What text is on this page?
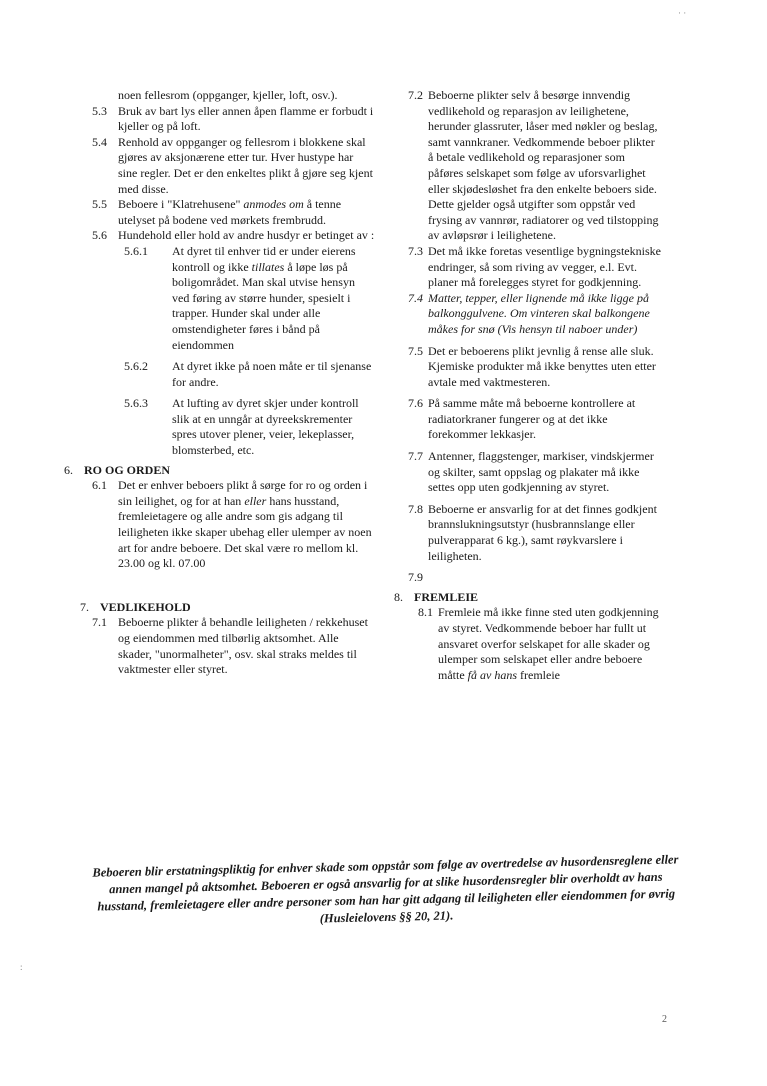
noen fellesrom (oppganger, kjeller, loft, osv.).

5.3 Bruk av bart lys eller annen åpen flamme er forbudt i kjeller og på loft.

5.4 Renhold av oppganger og fellesrom i blokkene skal gjøres av aksjonærene etter tur. Hver hustype har sine regler. Det er den enkeltes plikt å gjøre seg kjent med disse.

5.5 Beboere i "Klatrehusene" anmodes om å tenne utelyset på bodene ved mørkets frembrudd.

5.6 Hundehold eller hold av andre husdyr er betinget av :

5.6.1 At dyret til enhver tid er under eierens kontroll og ikke tillates å løpe løs på boligområdet. Man skal utvise hensyn ved føring av større hunder, spesielt i trapper. Hunder skal under alle omstendigheter føres i bånd på eiendommen

5.6.2 At dyret ikke på noen måte er til sjenanse for andre.

5.6.3 At lufting av dyret skjer under kontroll slik at en unngår at dyreekskrementer spres utover plener, veier, lekeplasser, blomsterbed, etc.

6. RO OG ORDEN

6.1 Det er enhver beboers plikt å sørge for ro og orden i sin leilighet, og for at han eller hans husstand, fremleietagere og alle andre som gis adgang til leiligheten ikke skaper ubehag eller ulemper av noen art for andre beboere. Det skal være ro mellom kl. 23.00 og kl. 07.00

7. VEDLIKEHOLD

7.1 Beboerne plikter å behandle leiligheten / rekkehuset og eiendommen med tilbørlig aktsomhet. Alle skader, "unormalheter", osv. skal straks meldes til vaktmester eller styret.

7.2 Beboerne plikter selv å besørge innvendig vedlikehold og reparasjon av leilighetene, herunder glassruter, låser med nøkler og beslag, samt vannkraner. Vedkommende beboer plikter å betale vedlikehold og reparasjoner som påføres selskapet som følge av uforsvarlighet eller skjødesløshet fra den enkelte beboers side. Dette gjelder også utgifter som oppstår ved frysing av vannrør, radiatorer og ved tilstopping av avløpsrør i leilighetene.

7.3 Det må ikke foretas vesentlige bygningstekniske endringer, så som riving av vegger, e.l. Evt. planer må forelegges styret for godkjenning.

7.4 Matter, tepper, eller lignende må ikke ligge på balkonggulvene. Om vinteren skal balkongene måkes for snø (Vis hensyn til naboer under)

7.5 Det er beboerens plikt jevnlig å rense alle sluk. Kjemiske produkter må ikke benyttes uten etter avtale med vaktmesteren.

7.6 På samme måte må beboerne kontrollere at radiatorkraner fungerer og at det ikke forekommer lekkasjer.

7.7 Antenner, flaggstenger, markiser, vindskjermer og skilter, samt oppslag og plakater må ikke settes opp uten godkjenning av styret.

7.8 Beboerne er ansvarlig for at det finnes godkjent brannslukningsutstyr (husbrannslange eller pulverapparat 6 kg.), samt røykvarslere i leiligheten.

7.9

8. FREMLEIE

8.1 Fremleie må ikke finne sted uten godkjenning av styret. Vedkommende beboer har fullt ut ansvaret overfor selskapet for alle skader og ulemper som selskapet eller andre beboere måtte få av hans fremleie

Beboeren blir erstatningspliktig for enhver skade som oppstår som følge av overtredelse av husordensreglene eller annen mangel på aktsomhet. Beboeren er også ansvarlig for at slike husordensregler blir overholdt av hans husstand, fremleietagere eller andre personer som han har gitt adgang til leiligheten eller eiendommen for øvrig (Husleielovens §§ 20, 21).
2
· ·
:
